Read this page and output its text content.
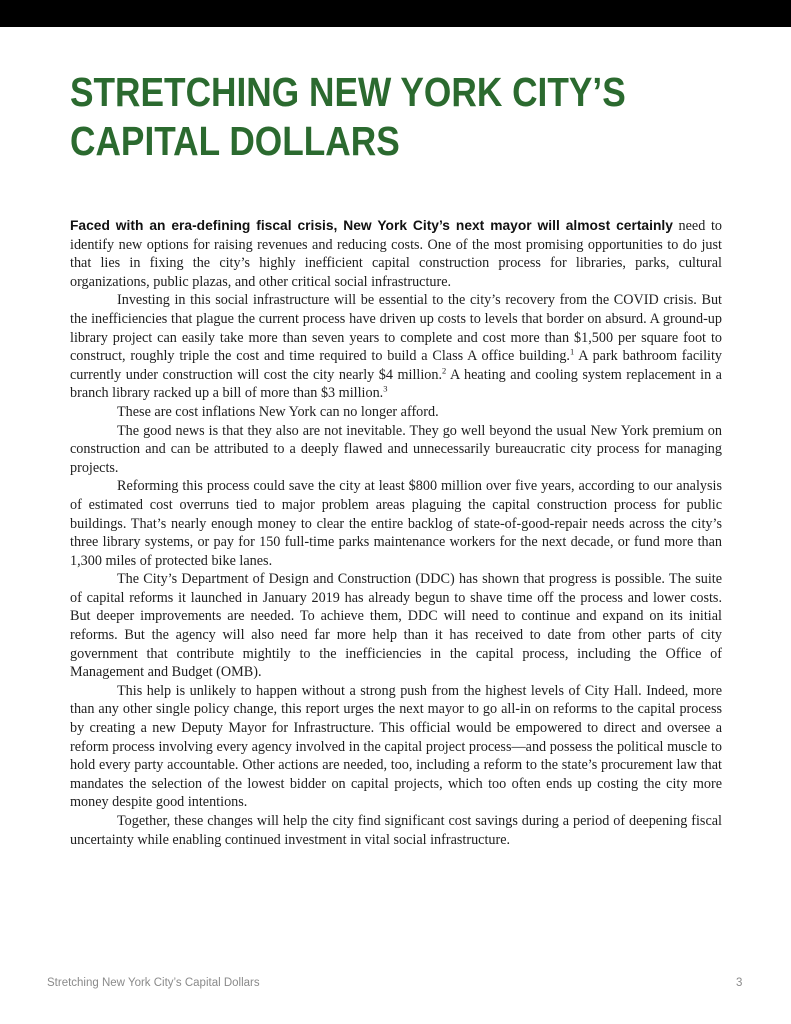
STRETCHING NEW YORK CITY’S
CAPITAL DOLLARS

Faced with an era-defining fiscal crisis, New York City’s next mayor will almost certainly need to identify new options for raising revenues and reducing costs. One of the most promising opportunities to do just that lies in fixing the city’s highly inefficient capital construction process for libraries, parks, cultural organizations, public plazas, and other critical social infrastructure.

Investing in this social infrastructure will be essential to the city’s recovery from the COVID crisis. But the inefficiencies that plague the current process have driven up costs to levels that border on absurd. A ground-up library project can easily take more than seven years to complete and cost more than $1,500 per square foot to construct, roughly triple the cost and time required to build a Class A office building.$^1$ A park bathroom facility currently under construction will cost the city nearly $4 million.$^2$ A heating and cooling system replacement in a branch library racked up a bill of more than $3 million.$^3$

These are cost inflations New York can no longer afford.

The good news is that they also are not inevitable. They go well beyond the usual New York premium on construction and can be attributed to a deeply flawed and unnecessarily bureaucratic city process for managing projects.

Reforming this process could save the city at least $800 million over five years, according to our analysis of estimated cost overruns tied to major problem areas plaguing the capital construction process for public buildings. That’s nearly enough money to clear the entire backlog of state-of-good-repair needs across the city’s three library systems, or pay for 150 full-time parks maintenance workers for the next decade, or fund more than 1,300 miles of protected bike lanes.

The City’s Department of Design and Construction (DDC) has shown that progress is possible. The suite of capital reforms it launched in January 2019 has already begun to shave time off the process and lower costs. But deeper improvements are needed. To achieve them, DDC will need to continue and expand on its initial reforms. But the agency will also need far more help than it has received to date from other parts of city government that contribute mightily to the inefficiencies in the capital process, including the Office of Management and Budget (OMB).

This help is unlikely to happen without a strong push from the highest levels of City Hall. Indeed, more than any other single policy change, this report urges the next mayor to go all-in on reforms to the capital process by creating a new Deputy Mayor for Infrastructure. This official would be empowered to direct and oversee a reform process involving every agency involved in the capital project process—and possess the political muscle to hold every party accountable. Other actions are needed, too, including a reform to the state’s procurement law that mandates the selection of the lowest bidder on capital projects, which too often ends up costing the city more money despite good intentions.

Together, these changes will help the city find significant cost savings during a period of deepening fiscal uncertainty while enabling continued investment in vital social infrastructure.

Stretching New York City’s Capital Dollars	3
